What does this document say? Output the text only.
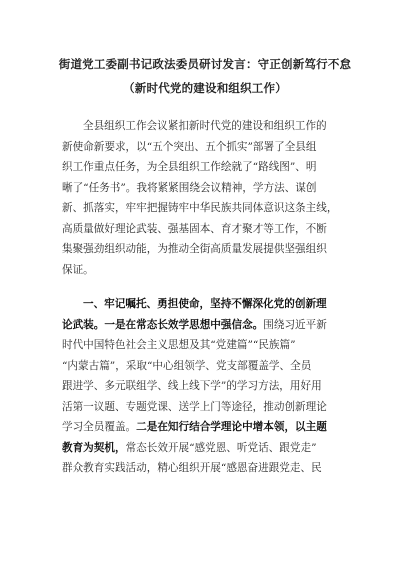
街道党工委副书记政法委员研讨发言：守正创新笃行不怠
（新时代党的建设和组织工作）
全县组织工作会议紧扣新时代党的建设和组织工作的
新使命新要求，以“五个突出、五个抓实”部署了全县组
织工作重点任务，为全县组织工作绘就了“路线图”、明
晰了“任务书”。我将紧紧围绕会议精神，学方法、谋创
新、抓落实，牢牢把握铸牢中华民族共同体意识这条主线，
高质量做好理论武装、强基固本、育才聚才等工作，不断
集聚强劲组织动能，为推动全街高质量发展提供坚强组织
保证。
一、牢记嘱托、勇担使命，坚持不懈深化党的创新理
论武装。一是在常态长效学思想中强信念。围绕习近平新
时代中国特色社会主义思想及其“党建篇”“民族篇”
“内蒙古篇”，采取“中心组领学、党支部覆盖学、全员
跟进学、多元联组学、线上线下学”的学习方法，用好用
活第一议题、专题党课、送学上门等途径，推动创新理论
学习全员覆盖。二是在知行结合学理论中增本领，以主题
教育为契机，常态长效开展“感党恩、听党话、跟党走”
群众教育实践活动，精心组织开展“感恩奋进跟党走、民
